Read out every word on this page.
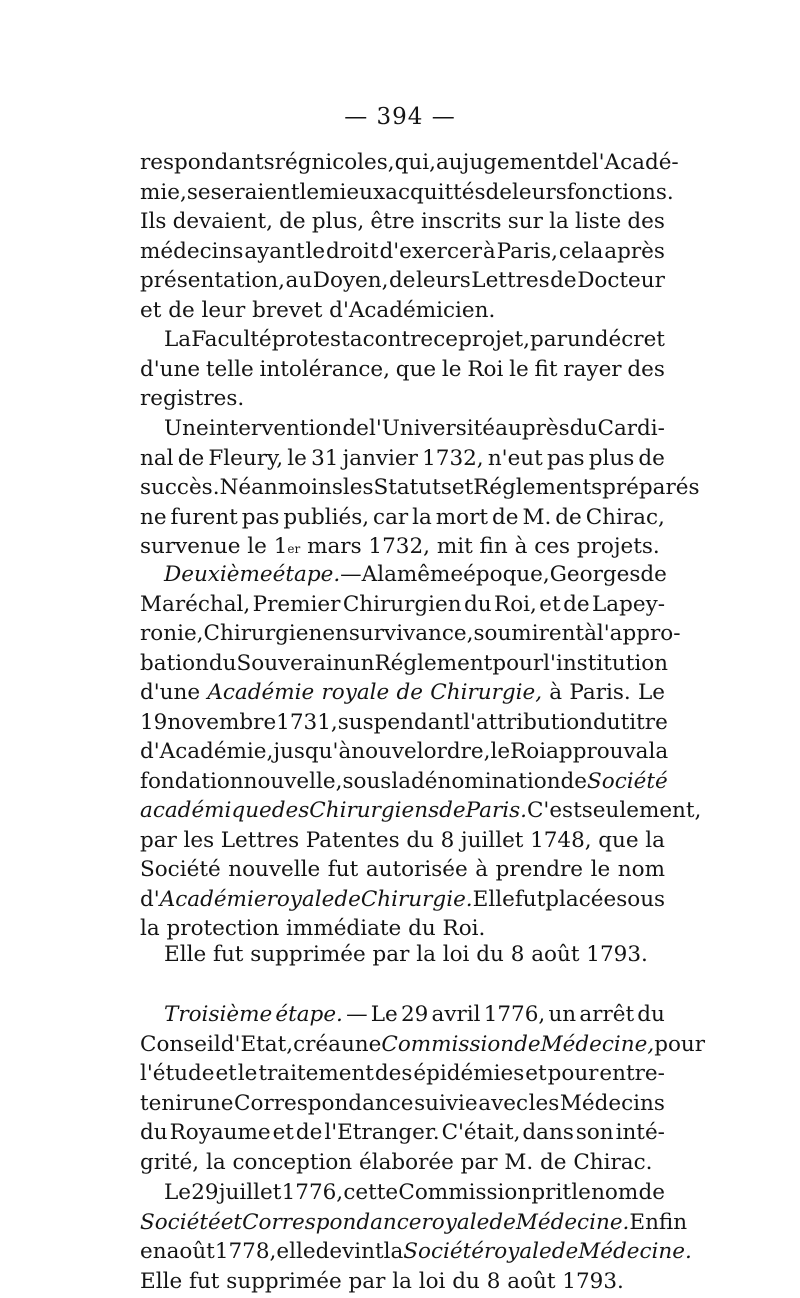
— 394 —
respondants régnicoles, qui, au jugement de l'Acadé-
mie, se seraient le mieux acquittés de leurs fonctions.
Ils devaient, de plus, être inscrits sur la liste des
médecins ayant le droit d'exercer à Paris, cela après
présentation, au Doyen, de leurs Lettres de Docteur
et de leur brevet d'Académicien.
La Faculté protesta contre ce projet, par un décret
d'une telle intolérance, que le Roi le fit rayer des
registres.
Une intervention de l'Université auprès du Cardi-
nal de Fleury, le 31 janvier 1732, n'eut pas plus de
succès. Néanmoins les Statuts et Réglements préparés
ne furent pas publiés, car la mort de M. de Chirac,
survenue le 1 er mars 1732, mit fin à ces projets.
Deuxième étape. — A la même époque, Georges de
Maréchal, Premier Chirurgien du Roi, et de Lapey-
ronie, Chirurgien en survivance, soumirent à l'appro-
bation du Souverain un Réglement pour l'institution
d'une Académie royale de Chirurgie, à Paris. Le
19 novembre 1731, suspendant l'attribution du titre
d'Académie, jusqu'à nouvel ordre, le Roi approuva la
fondation nouvelle, sous la dénomination de Société
académique des Chirurgiens de Paris. C'est seulement,
par les Lettres Patentes du 8 juillet 1748, que la
Société nouvelle fut autorisée à prendre le nom
d' Académie royale de Chirurgie. Elle fut placée sous
la protection immédiate du Roi.
Elle fut supprimée par la loi du 8 août 1793.
Troisième étape. — Le 29 avril 1776, un arrêt du
Conseil d'Etat, créa une Commission de Médecine, pour
l'étude et le traitement des épidémies et pour entre-
tenir une Correspondance suivie avec les Médecins
du Royaume et de l'Etranger. C'était, dans son inté-
grité, la conception élaborée par M. de Chirac.
Le 29 juillet 1776, cette Commission prit le nom de
Société et Correspondance royale de Médecine. Enfin
en août 1778, elle devint la Société royale de Médecine.
Elle fut supprimée par la loi du 8 août 1793.
